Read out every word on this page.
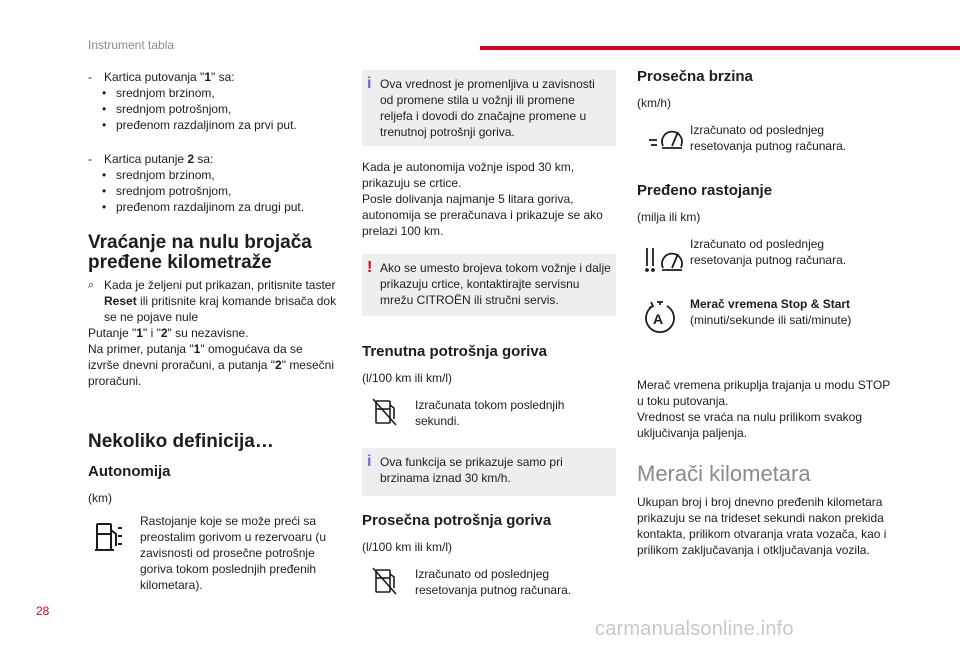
Instrument tabla
28
- Kartica putovanja "1" sa:
• srednjom brzinom,
• srednjom potrošnjom,
• pređenom razdaljinom za prvi put.
- Kartica putanje 2 sa:
• srednjom brzinom,
• srednjom potrošnjom,
• pređenom razdaljinom za drugi put.
Vraćanje na nulu brojača
pređene kilometraže
⌕ Kada je željeni put prikazan, pritisnite taster
Reset ili pritisnite kraj komande brisača dok
se ne pojave nule
Putanje "1" i "2" su nezavisne.
Na primer, putanja "1" omogućava da se
izvrše dnevni proračuni, a putanja "2" mesečni
proračuni.
Nekoliko definicija…
Autonomija
(km)
Rastojanje koje se može preći sa
preostalim gorivom u rezervoaru (u
zavisnosti od prosečne potrošnje
goriva tokom poslednjih pređenih
kilometara).
i Ova vrednost je promenljiva u zavisnosti
od promene stila u vožnji ili promene
reljefa i dovodi do značajne promene u
trenutnoj potrošnji goriva.
Kada je autonomija vožnje ispod 30 km,
prikazuju se crtice.
Posle dolivanja najmanje 5 litara goriva,
autonomija se preračunava i prikazuje se ako
prelazi 100 km.
! Ako se umesto brojeva tokom vožnje i dalje
prikazuju crtice, kontaktirajte servisnu
mrežu CITROËN ili stručni servis.
Trenutna potrošnja goriva
(l/100 km ili km/l)
Izračunata tokom poslednjih
sekundi.
i Ova funkcija se prikazuje samo pri
brzinama iznad 30 km/h.
Prosečna potrošnja goriva
(l/100 km ili km/l)
Izračunato od poslednjeg
resetovanja putnog računara.
Prosečna brzina
(km/h)
Izračunato od poslednjeg
resetovanja putnog računara.
Pređeno rastojanje
(milja ili km)
Izračunato od poslednjeg
resetovanja putnog računara.
A
Merač vremena Stop & Start
(minuti/sekunde ili sati/minute)
Merač vremena prikuplja trajanja u modu STOP
u toku putovanja.
Vrednost se vraća na nulu prilikom svakog
uključivanja paljenja.
Merači kilometara
Ukupan broj i broj dnevno pređenih kilometara
prikazuju se na trideset sekundi nakon prekida
kontakta, prilikom otvaranja vrata vozača, kao i
prilikom zaključavanja i otključavanja vozila.
carmanualsonline.info
